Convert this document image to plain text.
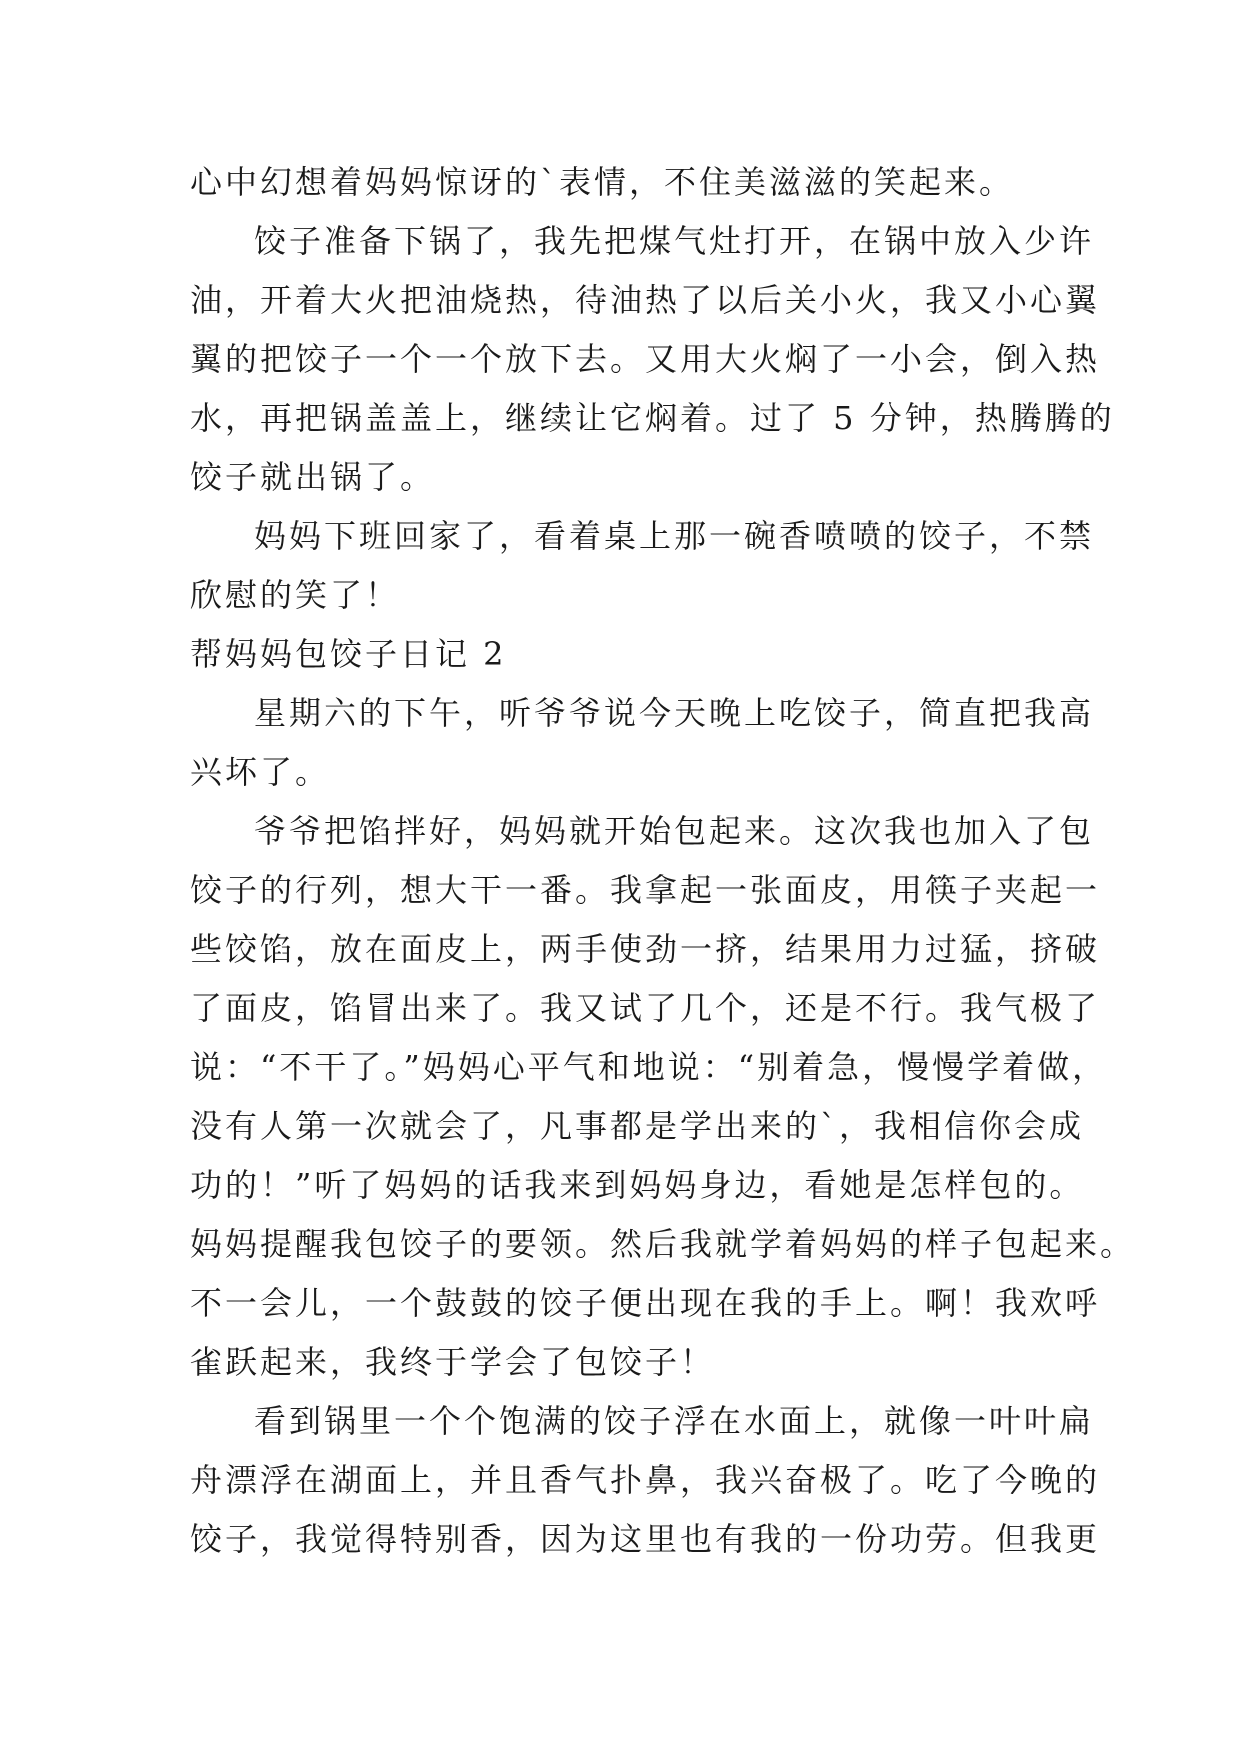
心中幻想着妈妈惊讶的`表情，不住美滋滋的笑起来。
饺子准备下锅了，我先把煤气灶打开，在锅中放入少许
油，开着大火把油烧热，待油热了以后关小火，我又小心翼
翼的把饺子一个一个放下去。又用大火焖了一小会，倒入热
水，再把锅盖盖上，继续让它焖着。过了 5 分钟，热腾腾的
饺子就出锅了。
妈妈下班回家了，看着桌上那一碗香喷喷的饺子，不禁
欣慰的笑了！
帮妈妈包饺子日记 2
星期六的下午，听爷爷说今天晚上吃饺子，简直把我高
兴坏了。
爷爷把馅拌好，妈妈就开始包起来。这次我也加入了包
饺子的行列，想大干一番。我拿起一张面皮，用筷子夹起一
些饺馅，放在面皮上，两手使劲一挤，结果用力过猛，挤破
了面皮，馅冒出来了。我又试了几个，还是不行。我气极了
说：“不干了。”妈妈心平气和地说：“别着急，慢慢学着做，
没有人第一次就会了，凡事都是学出来的`，我相信你会成
功的！”听了妈妈的话我来到妈妈身边，看她是怎样包的。
妈妈提醒我包饺子的要领。然后我就学着妈妈的样子包起来。
不一会儿，一个鼓鼓的饺子便出现在我的手上。啊！我欢呼
雀跃起来，我终于学会了包饺子！
看到锅里一个个饱满的饺子浮在水面上，就像一叶叶扁
舟漂浮在湖面上，并且香气扑鼻，我兴奋极了。吃了今晚的
饺子，我觉得特别香，因为这里也有我的一份功劳。但我更
